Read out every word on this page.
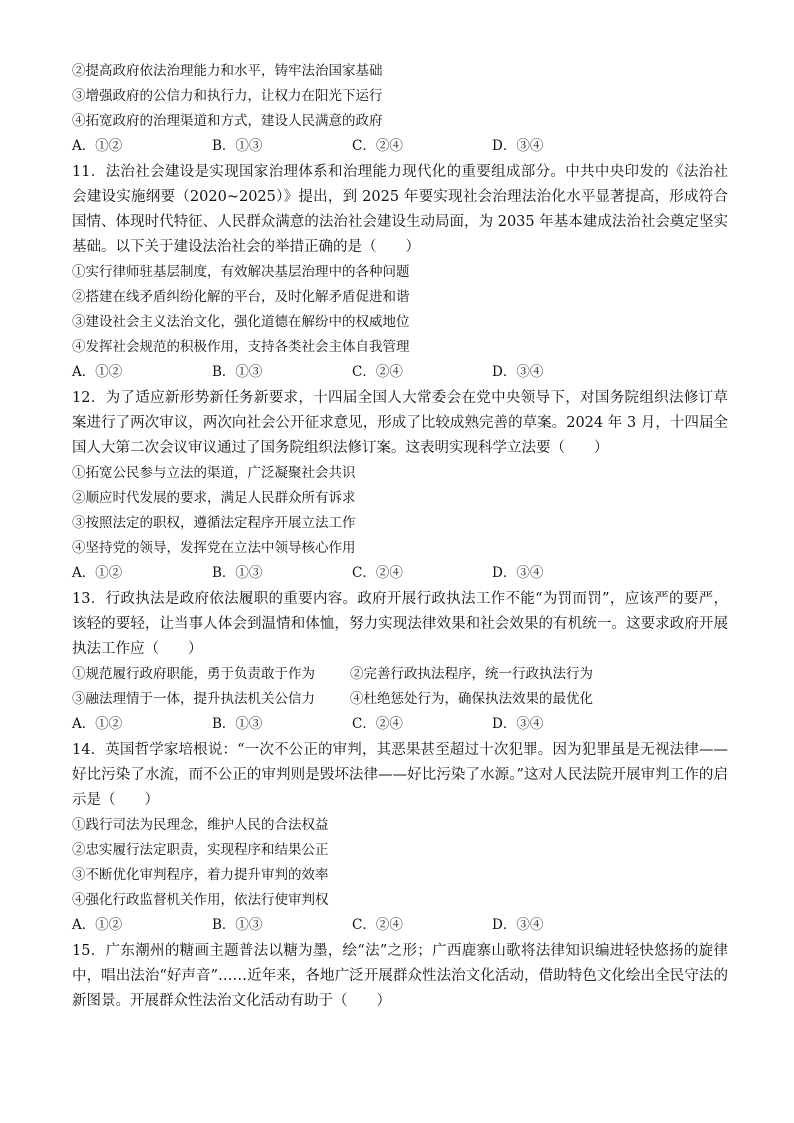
②提高政府依法治理能力和水平，铸牢法治国家基础
③增强政府的公信力和执行力，让权力在阳光下运行
④拓宽政府的治理渠道和方式，建设人民满意的政府
A．①②	B．①③	C．②④	D．③④
11．法治社会建设是实现国家治理体系和治理能力现代化的重要组成部分。中共中央印发的《法治社会建设实施纲要（2020~2025）》提出，到 2025 年要实现社会治理法治化水平显著提高，形成符合国情、体现时代特征、人民群众满意的法治社会建设生动局面，为 2035 年基本建成法治社会奠定坚实基础。以下关于建设法治社会的举措正确的是（　　）
①实行律师驻基层制度，有效解决基层治理中的各种问题
②搭建在线矛盾纠纷化解的平台，及时化解矛盾促进和谐
③建设社会主义法治文化，强化道德在解纷中的权威地位
④发挥社会规范的积极作用，支持各类社会主体自我管理
A．①②	B．①③	C．②④	D．③④
12．为了适应新形势新任务新要求，十四届全国人大常委会在党中央领导下，对国务院组织法修订草案进行了两次审议，两次向社会公开征求意见，形成了比较成熟完善的草案。2024 年 3 月，十四届全国人大第二次会议审议通过了国务院组织法修订案。这表明实现科学立法要（　　）
①拓宽公民参与立法的渠道，广泛凝聚社会共识
②顺应时代发展的要求，满足人民群众所有诉求
③按照法定的职权，遵循法定程序开展立法工作
④坚持党的领导，发挥党在立法中领导核心作用
A．①②	B．①③	C．②④	D．③④
13．行政执法是政府依法履职的重要内容。政府开展行政执法工作不能“为罚而罚”，应该严的要严，该轻的要轻，让当事人体会到温情和体恤，努力实现法律效果和社会效果的有机统一。这要求政府开展执法工作应（　　）
①规范履行政府职能，勇于负责敢于作为	②完善行政执法程序，统一行政执法行为
③融法理情于一体，提升执法机关公信力	④杜绝惩处行为，确保执法效果的最优化
A．①②	B．①③	C．②④	D．③④
14．英国哲学家培根说：“一次不公正的审判，其恶果甚至超过十次犯罪。因为犯罪虽是无视法律——好比污染了水流，而不公正的审判则是毁坏法律——好比污染了水源。”这对人民法院开展审判工作的启示是（　　）
①践行司法为民理念，维护人民的合法权益
②忠实履行法定职责，实现程序和结果公正
③不断优化审判程序，着力提升审判的效率
④强化行政监督机关作用，依法行使审判权
A．①②	B．①③	C．②④	D．③④
15．广东潮州的糖画主题普法以糖为墨，绘“法”之形；广西鹿寨山歌将法律知识编进轻快悠扬的旋律中，唱出法治“好声音”……近年来，各地广泛开展群众性法治文化活动，借助特色文化绘出全民守法的新图景。开展群众性法治文化活动有助于（　　）
